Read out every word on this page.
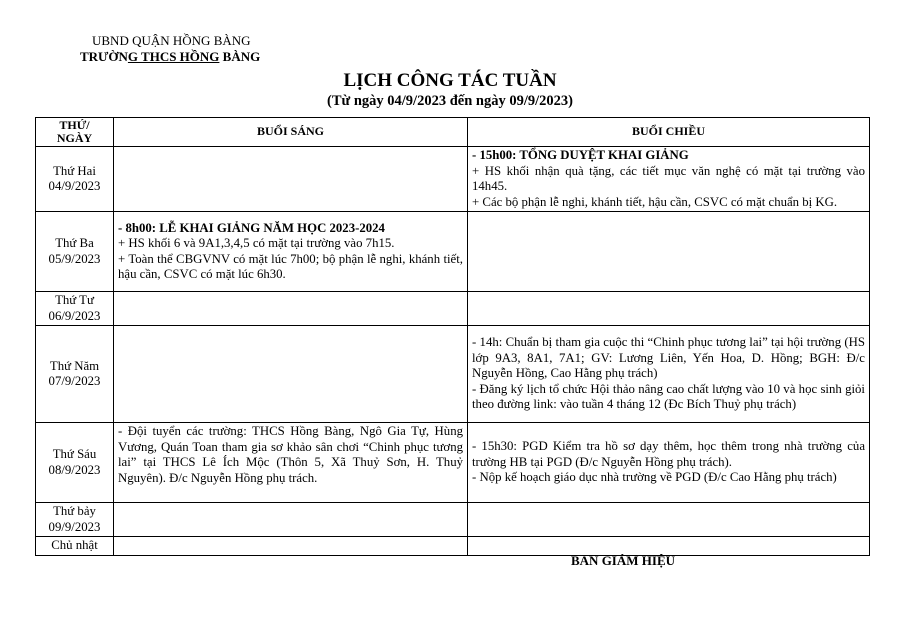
UBND QUẬN HỒNG BÀNG
TRƯỜNG THCS HỒNG BÀNG
LỊCH CÔNG TÁC TUẦN
(Từ ngày 04/9/2023 đến ngày 09/9/2023)
THỨ/
NGÀY	BUỔI SÁNG	BUỔI CHIỀU

Thứ Hai
04/9/2023		- 15h00: TỔNG DUYỆT KHAI GIẢNG
+ HS khối nhận quà tặng, các tiết mục văn nghệ có mặt tại trường vào 14h45.
+ Các bộ phận lễ nghi, khánh tiết, hậu cần, CSVC có mặt chuẩn bị KG.

Thứ Ba
05/9/2023	- 8h00: LỄ KHAI GIẢNG NĂM HỌC 2023-2024
+ HS khối 6 và 9A1,3,4,5 có mặt tại trường vào 7h15.
+ Toàn thể CBGVNV có mặt lúc 7h00; bộ phận lễ nghi, khánh tiết, hậu cần, CSVC có mặt lúc 6h30.	

Thứ Tư
06/9/2023		

Thứ Năm
07/9/2023		- 14h: Chuẩn bị tham gia cuộc thi “Chinh phục tương lai” tại hội trường (HS lớp 9A3, 8A1, 7A1; GV: Lương Liên, Yến Hoa, D. Hồng; BGH: Đ/c Nguyễn Hồng, Cao Hằng phụ trách)
- Đăng ký lịch tổ chức Hội thảo nâng cao chất lượng vào 10 và học sinh giỏi theo đường link: vào tuần 4 tháng 12 (Đc Bích Thuỷ phụ trách)

Thứ Sáu
08/9/2023	- Đội tuyển các trường: THCS Hồng Bàng, Ngô Gia Tự, Hùng Vương, Quán Toan tham gia sơ khảo sân chơi “Chinh phục tương lai” tại THCS Lê Ích Mộc (Thôn 5, Xã Thuỷ Sơn, H. Thuỷ Nguyên). Đ/c Nguyễn Hồng phụ trách.	- 15h30: PGD Kiểm tra hồ sơ dạy thêm, học thêm trong nhà trường của trường HB tại PGD (Đ/c Nguyễn Hồng phụ trách).
- Nộp kế hoạch giáo dục nhà trường về PGD (Đ/c Cao Hằng phụ trách)

Thứ bảy
09/9/2023		

Chủ nhật		

BAN GIÁM HIỆU
